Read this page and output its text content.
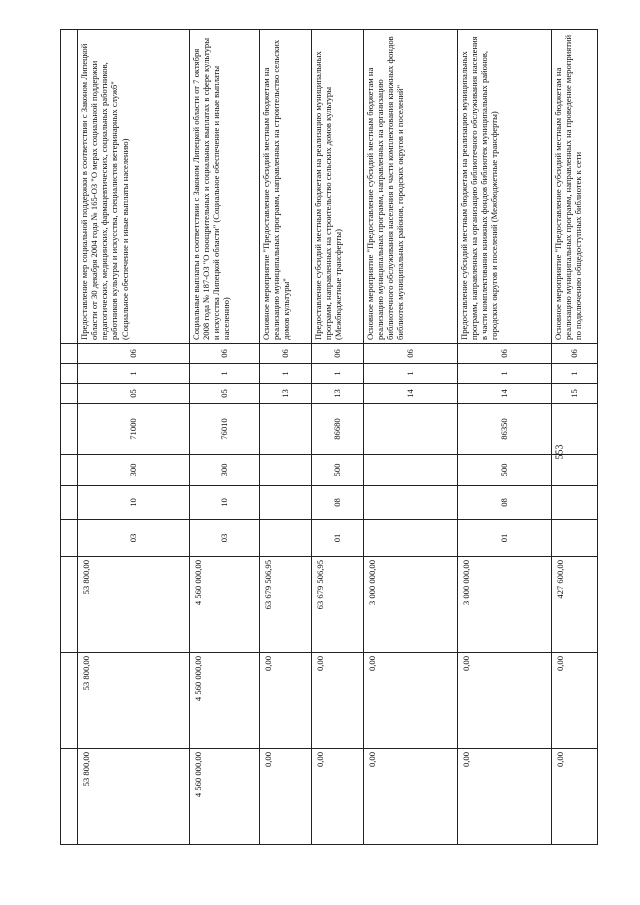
553

53 800,00	53 800,00	53 800,00	03	10	300	71000	05	1	06	Предоставление мер социальной поддержки в соответствии с Законом Липецкой области от 30 декабря 2004 года № 165-ОЗ "О мерах социальной поддержки педагогических, медицинских, фармацевтических, социальных работников, работников культуры и искусства, специалистов ветеринарных служб" (Социальное обеспечение и иные выплаты населению)
4 560 000,00	4 560 000,00	4 560 000,00	03	10	300	76010	05	1	06	Социальные выплаты в соответствии с Законом Липецкой области от 7 октября 2008 года № 187-ОЗ "О поощрительных и социальных выплатах в сфере культуры и искусства Липецкой области" (Социальное обеспечение и иные выплаты населению)
0,00	0,00	63 679 506,95					13	1	06	Основное мероприятие "Предоставление субсидий местным бюджетам на реализацию муниципальных программ, направленных на строительство сельских домов культуры"
0,00	0,00	63 679 506,95	01	08	500	86680	13	1	06	Предоставление субсидий местным бюджетам на реализацию муниципальных программ, направленных на строительство сельских домов культуры (Межбюджетные трансферты)
0,00	0,00	3 000 000,00					14	1	06	Основное мероприятие "Предоставление субсидий местным бюджетам на реализацию муниципальных программ, направленных на организацию библиотечного обслуживания населения в части комплектования книжных фондов библиотек муниципальных районов, городских округов и поселений"
0,00	0,00	3 000 000,00	01	08	500	86350	14	1	06	Предоставление субсидий местным бюджетам на реализацию муниципальных программ, направленных на организацию библиотечного обслуживания населения в части комплектования книжных фондов библиотек муниципальных районов, городских округов и поселений (Межбюджетные трансферты)
0,00	0,00	427 600,00					15	1	06	Основное мероприятие "Предоставление субсидий местным бюджетам на реализацию муниципальных программ, направленных на проведение мероприятий по подключению общедоступных библиотек к сети
